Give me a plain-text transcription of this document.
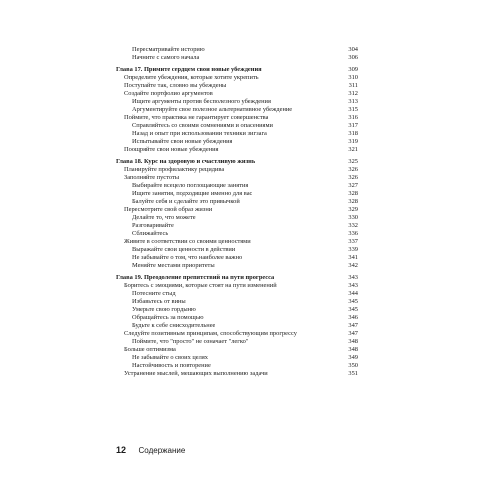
Пересматривайте историю	304
Начните с самого начала	306
Глава 17. Примите сердцем свои новые убеждения	309
Определите убеждения, которые хотите укрепить	310
Поступайте так, словно вы убеждены	311
Создайте портфолио аргументов	312
Ищите аргументы против бесполезного убеждения	313
Аргументируйте свое полезное альтернативное убеждение	315
Поймите, что практика не гарантирует совершенства	316
Справляйтесь со своими сомнениями и опасениями	317
Назад и опыт при использовании техники зигзага	318
Испытывайте свои новые убеждения	319
Поощряйте свои новые убеждения	321
Глава 18. Курс на здоровую и счастливую жизнь	325
Планируйте профилактику рецидива	326
Заполняйте пустоты	326
Выбирайте всецело поглощающие занятия	327
Ищите занятия, подходящие именно для вас	328
Балуйте себя и сделайте это привычкой	328
Пересмотрите свой образ жизни	329
Делайте то, что можете	330
Разговаривайте	332
Сближайтесь	336
Живите в соответствии со своими ценностями	337
Выражайте свои ценности в действии	339
Не забывайте о том, что наиболее важно	341
Меняйте местами приоритеты	342
Глава 19. Преодоление препятствий на пути прогресса	343
Боритесь с эмоциями, которые стоят на пути изменений	343
Потесните стыд	344
Избавьтесь от вины	345
Умерьте свою гордыню	345
Обращайтесь за помощью	346
Будьте к себе снисходительнее	347
Следуйте позитивным принципам, способствующим прогрессу	347
Поймите, что "просто" не означает "легко"	348
Больше оптимизма	348
Не забывайте о своих целях	349
Настойчивость и повторение	350
Устранение мыслей, мешающих выполнению задачи	351
12 Содержание
